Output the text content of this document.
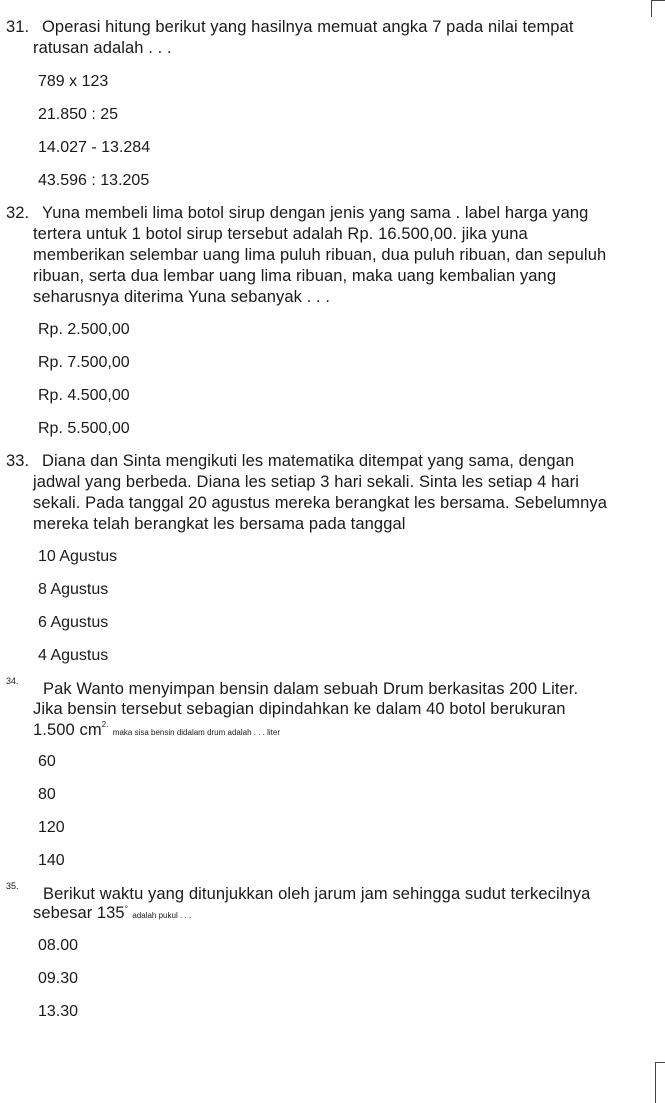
31. Operasi hitung berikut yang hasilnya memuat angka 7 pada nilai tempat
ratusan adalah . . .
789 x 123
21.850 : 25
14.027 - 13.284
43.596 : 13.205
32. Yuna membeli lima botol sirup dengan jenis yang sama . label harga yang
tertera untuk 1 botol sirup tersebut adalah Rp. 16.500,00. jika yuna
memberikan selembar uang lima puluh ribuan, dua puluh ribuan, dan sepuluh
ribuan, serta dua lembar uang lima ribuan, maka uang kembalian yang
seharusnya diterima Yuna sebanyak . . .
Rp. 2.500,00
Rp. 7.500,00
Rp. 4.500,00
Rp. 5.500,00
33. Diana dan Sinta mengikuti les matematika ditempat yang sama, dengan
jadwal yang berbeda. Diana les setiap 3 hari sekali. Sinta les setiap 4 hari
sekali. Pada tanggal 20 agustus mereka berangkat les bersama. Sebelumnya
mereka telah berangkat les bersama pada tanggal
10 Agustus
8 Agustus
6 Agustus
4 Agustus
34. Pak Wanto menyimpan bensin dalam sebuah Drum berkasitas 200 Liter.
Jika bensin tersebut sebagian dipindahkan ke dalam 40 botol berukuran
1.500 $cm^{2.}$ maka sisa bensin didalam drum adalah . . . liter
60
80
120
140
35. Berikut waktu yang ditunjukkan oleh jarum jam sehingga sudut terkecilnya
sebesar 135° adalah pukul . . .
08.00
09.30
13.30
